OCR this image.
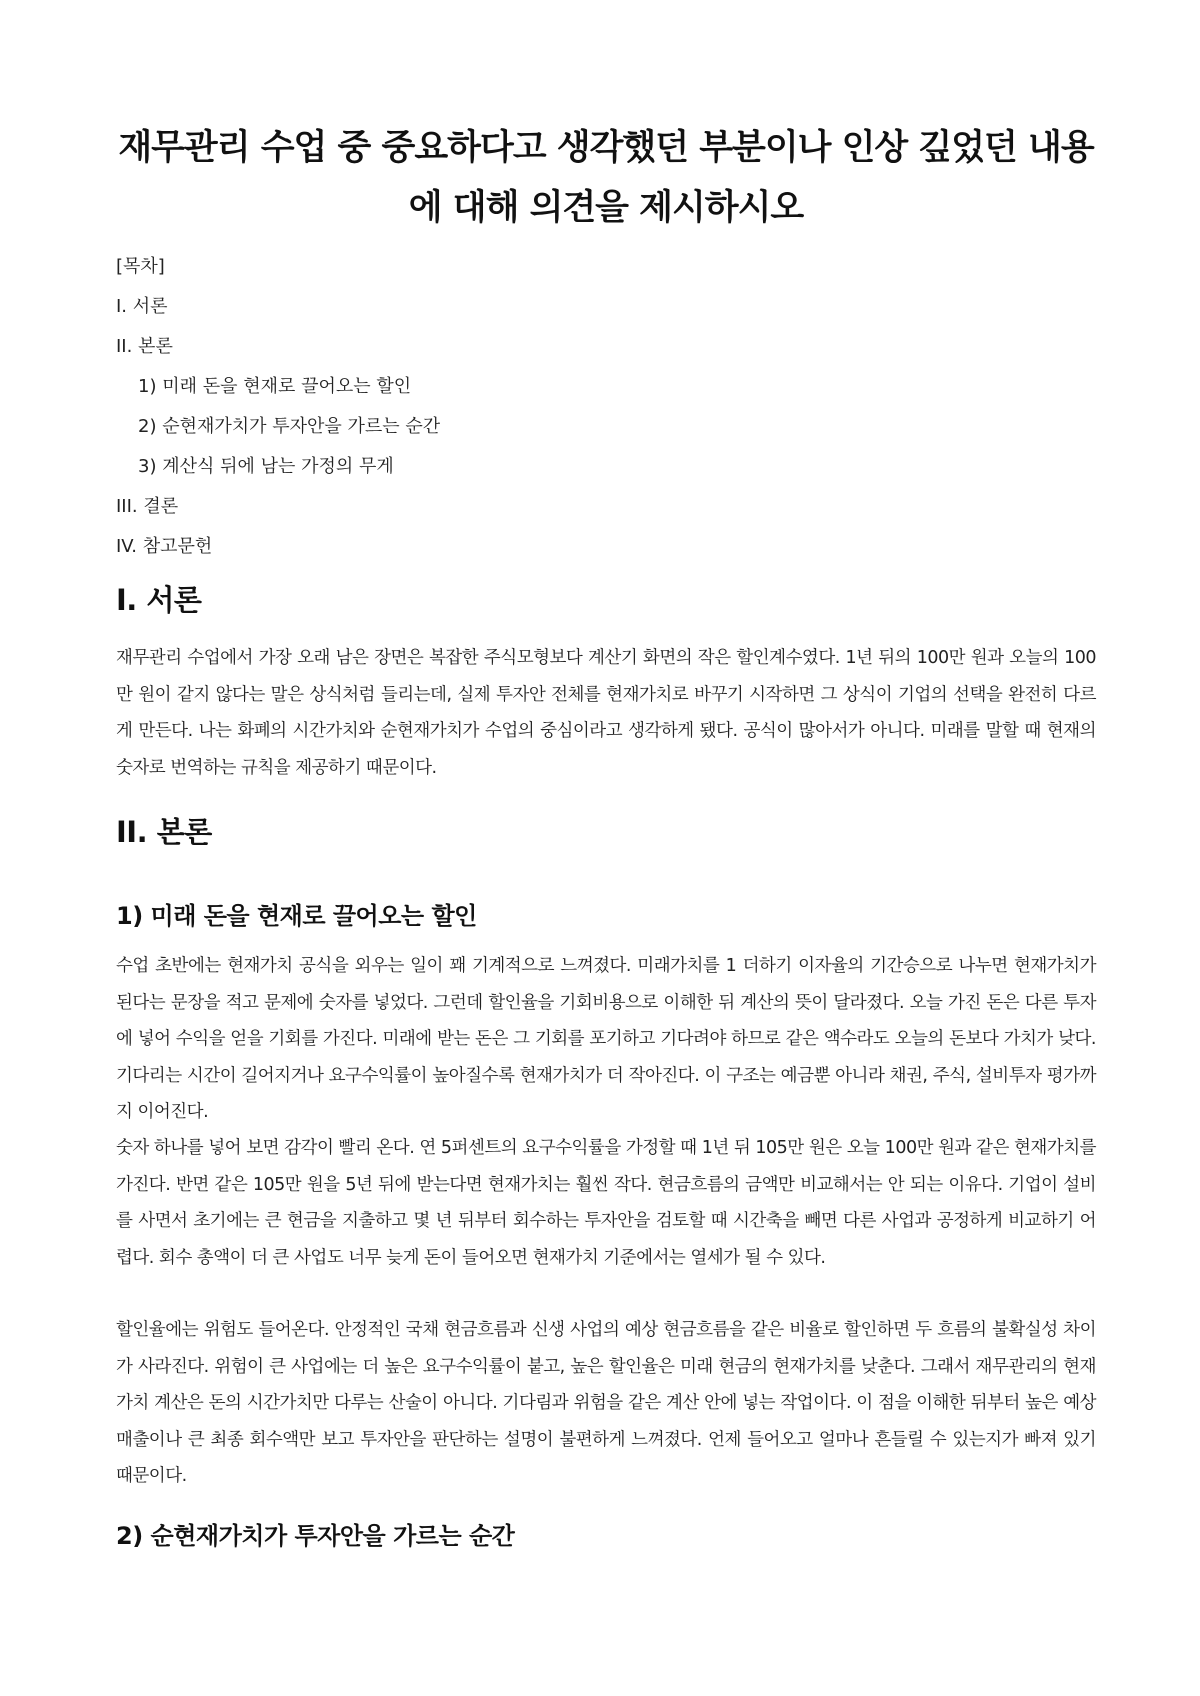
재무관리 수업 중 중요하다고 생각했던 부분이나 인상 깊었던 내용에 대해 의견을 제시하시오
[목차]
I. 서론
II. 본론
1) 미래 돈을 현재로 끌어오는 할인
2) 순현재가치가 투자안을 가르는 순간
3) 계산식 뒤에 남는 가정의 무게
III. 결론
IV. 참고문헌
I. 서론

재무관리 수업에서 가장 오래 남은 장면은 복잡한 주식모형보다 계산기 화면의 작은 할인계수였다. 1년 뒤의 100만 원과 오늘의 100만 원이 같지 않다는 말은 상식처럼 들리는데, 실제 투자안 전체를 현재가치로 바꾸기 시작하면 그 상식이 기업의 선택을 완전히 다르게 만든다. 나는 화폐의 시간가치와 순현재가치가 수업의 중심이라고 생각하게 됐다. 공식이 많아서가 아니다. 미래를 말할 때 현재의 숫자로 번역하는 규칙을 제공하기 때문이다.

II. 본론
1) 미래 돈을 현재로 끌어오는 할인

수업 초반에는 현재가치 공식을 외우는 일이 꽤 기계적으로 느껴졌다. 미래가치를 1 더하기 이자율의 기간승으로 나누면 현재가치가 된다는 문장을 적고 문제에 숫자를 넣었다. 그런데 할인율을 기회비용으로 이해한 뒤 계산의 뜻이 달라졌다. 오늘 가진 돈은 다른 투자에 넣어 수익을 얻을 기회를 가진다. 미래에 받는 돈은 그 기회를 포기하고 기다려야 하므로 같은 액수라도 오늘의 돈보다 가치가 낮다. 기다리는 시간이 길어지거나 요구수익률이 높아질수록 현재가치가 더 작아진다. 이 구조는 예금뿐 아니라 채권, 주식, 설비투자 평가까지 이어진다.

숫자 하나를 넣어 보면 감각이 빨리 온다. 연 5퍼센트의 요구수익률을 가정할 때 1년 뒤 105만 원은 오늘 100만 원과 같은 현재가치를 가진다. 반면 같은 105만 원을 5년 뒤에 받는다면 현재가치는 훨씬 작다. 현금흐름의 금액만 비교해서는 안 되는 이유다. 기업이 설비를 사면서 초기에는 큰 현금을 지출하고 몇 년 뒤부터 회수하는 투자안을 검토할 때 시간축을 빼면 다른 사업과 공정하게 비교하기 어렵다. 회수 총액이 더 큰 사업도 너무 늦게 돈이 들어오면 현재가치 기준에서는 열세가 될 수 있다.

할인율에는 위험도 들어온다. 안정적인 국채 현금흐름과 신생 사업의 예상 현금흐름을 같은 비율로 할인하면 두 흐름의 불확실성 차이가 사라진다. 위험이 큰 사업에는 더 높은 요구수익률이 붙고, 높은 할인율은 미래 현금의 현재가치를 낮춘다. 그래서 재무관리의 현재가치 계산은 돈의 시간가치만 다루는 산술이 아니다. 기다림과 위험을 같은 계산 안에 넣는 작업이다. 이 점을 이해한 뒤부터 높은 예상 매출이나 큰 최종 회수액만 보고 투자안을 판단하는 설명이 불편하게 느껴졌다. 언제 들어오고 얼마나 흔들릴 수 있는지가 빠져 있기 때문이다.

2) 순현재가치가 투자안을 가르는 순간
